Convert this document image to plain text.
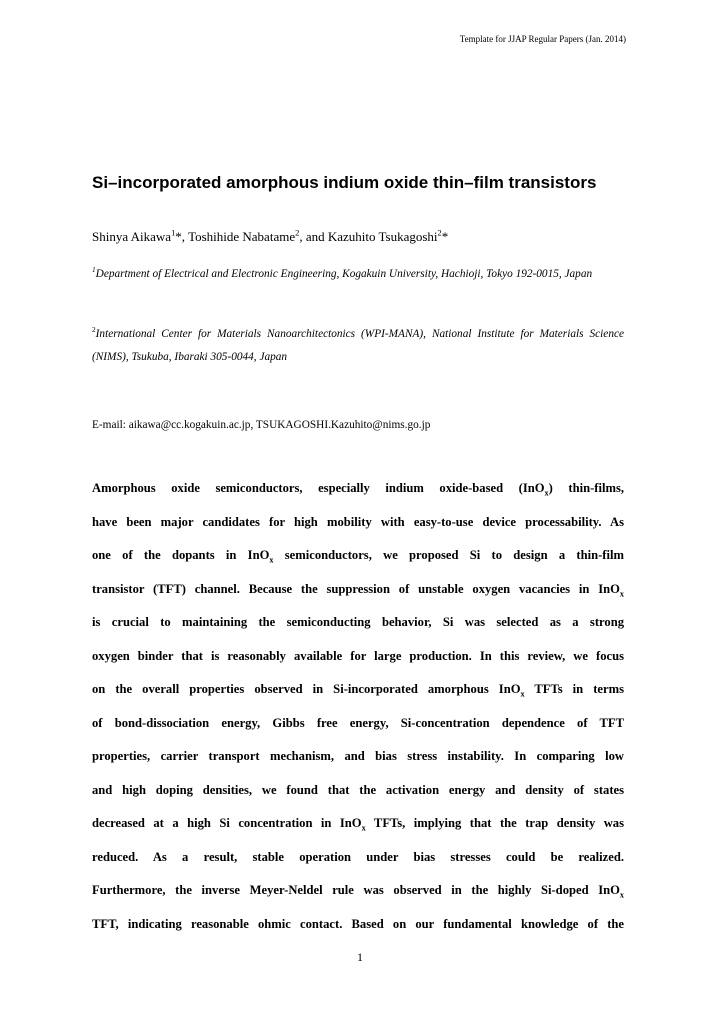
Template for JJAP Regular Papers (Jan. 2014)
Si–incorporated amorphous indium oxide thin–film transistors
Shinya Aikawa$^1$*, Toshihide Nabatame$^2$, and Kazuhito Tsukagoshi$^2$*
$^1$Department of Electrical and Electronic Engineering, Kogakuin University, Hachioji, Tokyo 192-0015, Japan
$^2$International Center for Materials Nanoarchitectonics (WPI-MANA), National Institute for Materials Science (NIMS), Tsukuba, Ibaraki 305-0044, Japan
E-mail: aikawa@cc.kogakuin.ac.jp, TSUKAGOSHI.Kazuhito@nims.go.jp
Amorphous oxide semiconductors, especially indium oxide-based (InO$_x$) thin-films,
have been major candidates for high mobility with easy-to-use device processability. As
one of the dopants in InO$_x$ semiconductors, we proposed Si to design a thin-film
transistor (TFT) channel. Because the suppression of unstable oxygen vacancies in InO$_x$
is crucial to maintaining the semiconducting behavior, Si was selected as a strong
oxygen binder that is reasonably available for large production. In this review, we focus
on the overall properties observed in Si-incorporated amorphous InO$_x$ TFTs in terms
of bond-dissociation energy, Gibbs free energy, Si-concentration dependence of TFT
properties, carrier transport mechanism, and bias stress instability. In comparing low
and high doping densities, we found that the activation energy and density of states
decreased at a high Si concentration in InO$_x$ TFTs, implying that the trap density was
reduced. As a result, stable operation under bias stresses could be realized.
Furthermore, the inverse Meyer-Neldel rule was observed in the highly Si-doped InO$_x$
TFT, indicating reasonable ohmic contact. Based on our fundamental knowledge of the
1
